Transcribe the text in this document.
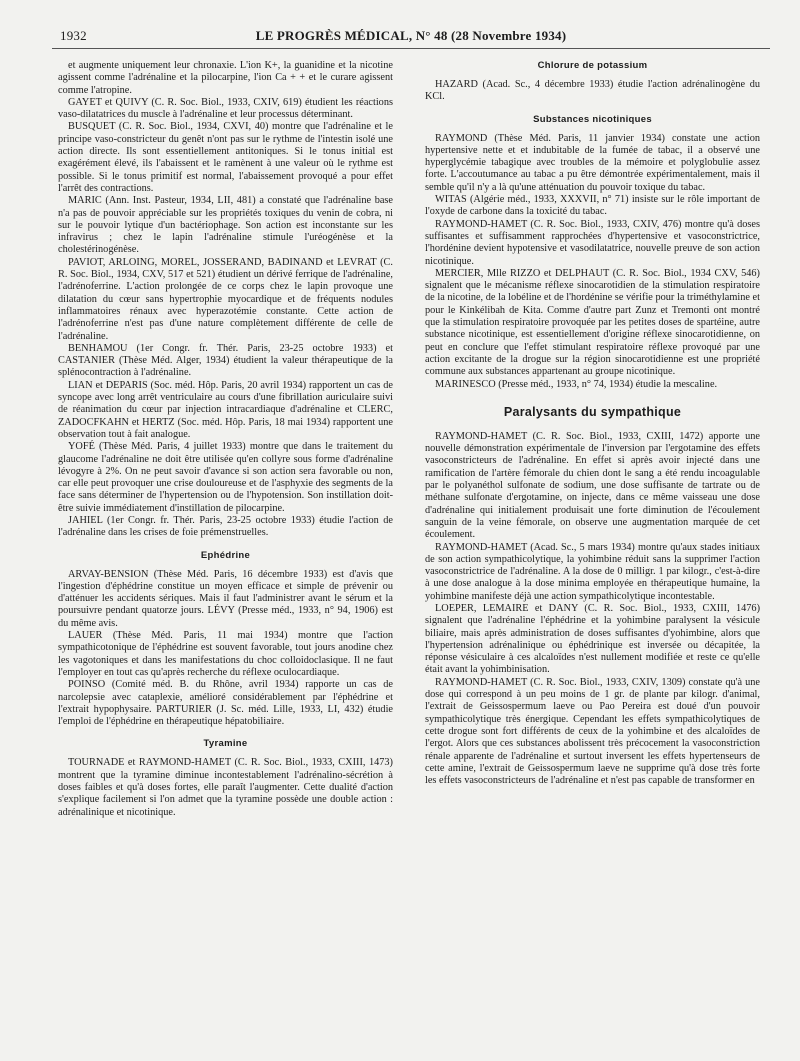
1932	LE PROGRÈS MÉDICAL, N° 48 (28 Novembre 1934)

et augmente uniquement leur chronaxie. L'ion K+, la guanidine et la nicotine agissent comme l'adrénaline et la pilocarpine, l'ion Ca + + et le curare agissent comme l'atropine.

GAYET et QUIVY (C. R. Soc. Biol., 1933, CXIV, 619) étudient les réactions vaso-dilatatrices du muscle à l'adrénaline et leur processus déterminant.

BUSQUET (C. R. Soc. Biol., 1934, CXVI, 40) montre que l'adrénaline et le principe vaso-constricteur du genêt n'ont pas sur le rythme de l'intestin isolé une action directe. Ils sont essentiellement antitoniques. Si le tonus initial est exagérément élevé, ils l'abaissent et le ramènent à une valeur où le rythme est possible. Si le tonus primitif est normal, l'abaissement provoqué a pour effet l'arrêt des contractions.

MARIC (Ann. Inst. Pasteur, 1934, LII, 481) a constaté que l'adrénaline base n'a pas de pouvoir appréciable sur les propriétés toxiques du venin de cobra, ni sur le pouvoir lytique d'un bactériophage. Son action est inconstante sur les infravirus ; chez le lapin l'adrénaline stimule l'uréogénèse et la cholestérinogénèse.

PAVIOT, ARLOING, MOREL, JOSSERAND, BADINAND et LEVRAT (C. R. Soc. Biol., 1934, CXV, 517 et 521) étudient un dérivé ferrique de l'adrénaline, l'adrénoferrine. L'action prolongée de ce corps chez le lapin provoque une dilatation du cœur sans hypertrophie myocardique et de fréquents nodules inflammatoires rénaux avec hyperazotémie constante. Cette action de l'adrénoferrine n'est pas d'une nature complètement différente de celle de l'adrénaline.

BENHAMOU (1er Congr. fr. Thér. Paris, 23-25 octobre 1933) et CASTANIER (Thèse Méd. Alger, 1934) étudient la valeur thérapeutique de la splénocontraction à l'adrénaline.

LIAN et DEPARIS (Soc. méd. Hôp. Paris, 20 avril 1934) rapportent un cas de syncope avec long arrêt ventriculaire au cours d'une fibrillation auriculaire suivi de réanimation du cœur par injection intracardiaque d'adrénaline et CLERC, ZADOCFKAHN et HERTZ (Soc. méd. Hôp. Paris, 18 mai 1934) rapportent une observation tout à fait analogue.

YOFÉ (Thèse Méd. Paris, 4 juillet 1933) montre que dans le traitement du glaucome l'adrénaline ne doit être utilisée qu'en collyre sous forme d'adrénaline lévogyre à 2%. On ne peut savoir d'avance si son action sera favorable ou non, car elle peut provoquer une crise douloureuse et de l'asphyxie des segments de la face sans déterminer de l'hypertension ou de l'hypotension. Son instillation doit-être suivie immédiatement d'instillation de pilocarpine.

JAHIEL (1er Congr. fr. Thér. Paris, 23-25 octobre 1933) étudie l'action de l'adrénaline dans les crises de foie prémenstruelles.

Ephédrine

ARVAY-BENSION (Thèse Méd. Paris, 16 décembre 1933) est d'avis que l'ingestion d'éphédrine constitue un moyen efficace et simple de prévenir ou d'atténuer les accidents sériques. Mais il faut l'administrer avant le sérum et la poursuivre pendant quatorze jours. LÉVY (Presse méd., 1933, n° 94, 1906) est du même avis.

LAUER (Thèse Méd. Paris, 11 mai 1934) montre que l'action sympathicotonique de l'éphédrine est souvent favorable, tout jours anodine chez les vagotoniques et dans les manifestations du choc colloidoclasique. Il ne faut l'employer en tout cas qu'après recherche du réflexe oculocardiaque.

POINSO (Comité méd. B. du Rhône, avril 1934) rapporte un cas de narcolepsie avec cataplexie, amélioré considérablement par l'éphédrine et l'extrait hypophysaire. PARTURIER (J. Sc. méd. Lille, 1933, LI, 432) étudie l'emploi de l'éphédrine en thérapeutique hépatobiliaire.

Tyramine

TOURNADE et RAYMOND-HAMET (C. R. Soc. Biol., 1933, CXIII, 1473) montrent que la tyramine diminue incontestablement l'adrénalino-sécrétion à doses faibles et qu'à doses fortes, elle paraît l'augmenter. Cette dualité d'action s'explique facilement si l'on admet que la tyramine possède une double action : adrénalinique et nicotinique.

Chlorure de potassium

HAZARD (Acad. Sc., 4 décembre 1933) étudie l'action adrénalinogène du KCl.

Substances nicotiniques

RAYMOND (Thèse Méd. Paris, 11 janvier 1934) constate une action hypertensive nette et et indubitable de la fumée de tabac, il a observé une hyperglycémie tabagique avec troubles de la mémoire et polyglobulie assez forte. L'accoutumance au tabac a pu être démontrée expérimentalement, mais il semble qu'il n'y a là qu'une atténuation du pouvoir toxique du tabac.

WITAS (Algérie méd., 1933, XXXVII, n° 71) insiste sur le rôle important de l'oxyde de carbone dans la toxicité du tabac.

RAYMOND-HAMET (C. R. Soc. Biol., 1933, CXIV, 476) montre qu'à doses suffisantes et suffisamment rapprochées d'hypertensive et vasoconstrictrice, l'hordénine devient hypotensive et vasodilatatrice, nouvelle preuve de son action nicotinique.

MERCIER, Mlle RIZZO et DELPHAUT (C. R. Soc. Biol., 1934 CXV, 546) signalent que le mécanisme réflexe sinocarotidien de la stimulation respiratoire de la nicotine, de la lobéline et de l'hordénine se vérifie pour la triméthylamine et pour le Kinkélibah de Kita. Comme d'autre part Zunz et Tremonti ont montré que la stimulation respiratoire provoquée par les petites doses de spartéine, autre substance nicotinique, est essentiellement d'origine réflexe sinocarotidienne, on peut en conclure que l'effet stimulant respiratoire réflexe provoqué par une action excitante de la drogue sur la région sinocarotidienne est une propriété commune aux substances appartenant au groupe nicotinique.

MARINESCO (Presse méd., 1933, n° 74, 1934) étudie la mescaline.

Paralysants du sympathique

RAYMOND-HAMET (C. R. Soc. Biol., 1933, CXIII, 1472) apporte une nouvelle démonstration expérimentale de l'inversion par l'ergotamine des effets vasoconstricteurs de l'adrénaline. En effet si après avoir injecté dans une ramification de l'artère fémorale du chien dont le sang a été rendu incoagulable par le polyanéthol sulfonate de sodium, une dose suffisante de tartrate ou de méthane sulfonate d'ergotamine, on injecte, dans ce même vaisseau une dose d'adrénaline qui initialement produisait une forte diminution de l'écoulement sanguin de la veine fémorale, on observe une augmentation marquée de cet écoulement.

RAYMOND-HAMET (Acad. Sc., 5 mars 1934) montre qu'aux stades initiaux de son action sympathicolytique, la yohimbine réduit sans la supprimer l'action vasoconstrictrice de l'adrénaline. A la dose de 0 milligr. 1 par kilogr., c'est-à-dire à une dose analogue à la dose minima employée en thérapeutique humaine, la yohimbine manifeste déjà une action sympathicolytique incontestable.

LOEPER, LEMAIRE et DANY (C. R. Soc. Biol., 1933, CXIII, 1476) signalent que l'adrénaline l'éphédrine et la yohimbine paralysent la vésicule biliaire, mais après administration de doses suffisantes d'yohimbine, alors que l'hypertension adrénalinique ou éphédrinique est inversée ou décapitée, la réponse vésiculaire à ces alcaloïdes n'est nullement modifiée et reste ce qu'elle était avant la yohimbinisation.

RAYMOND-HAMET (C. R. Soc. Biol., 1933, CXIV, 1309) constate qu'à une dose qui correspond à un peu moins de 1 gr. de plante par kilogr. d'animal, l'extrait de Geissospermum laeve ou Pao Pereira est doué d'un pouvoir sympathicolytique très énergique. Cependant les effets sympathicolytiques de cette drogue sont fort différents de ceux de la yohimbine et des alcaloïdes de l'ergot. Alors que ces substances abolissent très précocement la vasoconstriction rénale apparente de l'adrénaline et surtout inversent les effets hypertenseurs de cette amine, l'extrait de Geissospermum laeve ne supprime qu'à dose très forte les effets vasoconstricteurs de l'adrénaline et n'est pas capable de transformer en
